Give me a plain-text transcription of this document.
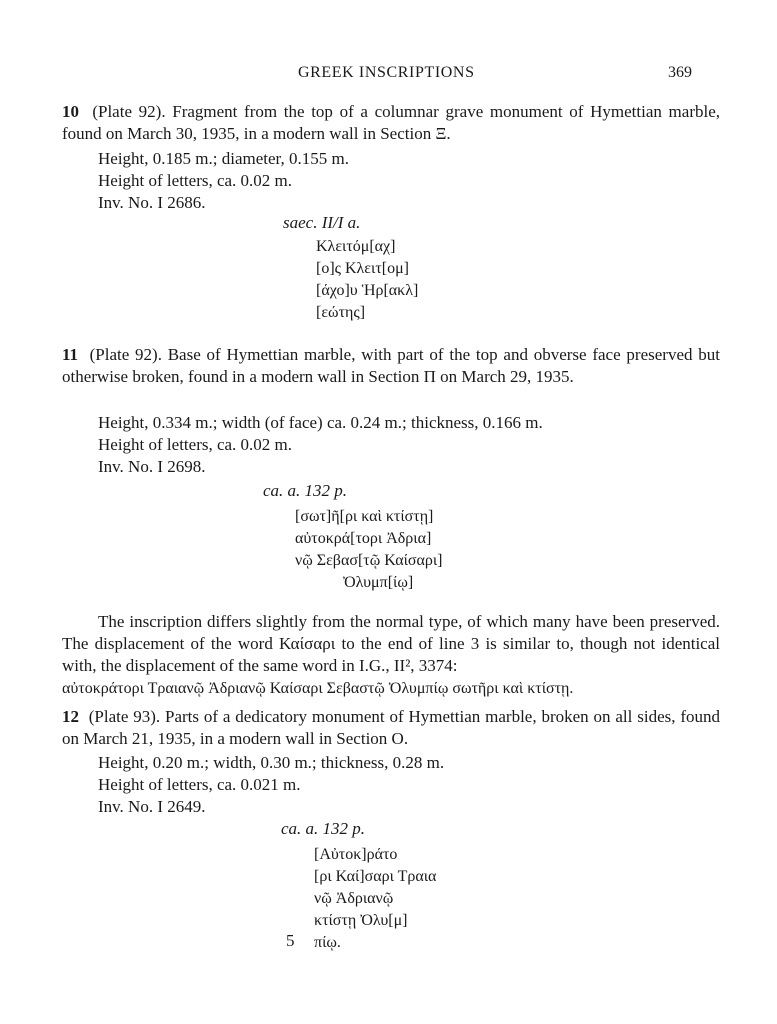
GREEK INSCRIPTIONS	369
10 (Plate 92). Fragment from the top of a columnar grave monument of Hymettian marble, found on March 30, 1935, in a modern wall in Section Ξ.
Height, 0.185 m.; diameter, 0.155 m.
Height of letters, ca. 0.02 m.
Inv. No. I 2686.
saec. II/I a.
Κλειτόμ[αχ]
[ο]ς Κλειτ[ομ]
[άχο]υ Ἡρ[ακλ]
[εώτης]
11 (Plate 92). Base of Hymettian marble, with part of the top and obverse face preserved but otherwise broken, found in a modern wall in Section Π on March 29, 1935.
Height, 0.334 m.; width (of face) ca. 0.24 m.; thickness, 0.166 m.
Height of letters, ca. 0.02 m.
Inv. No. I 2698.
ca. a. 132 p.
[σωτ]ῆ[ρι καὶ κτίστῃ]
αὐτοκρά[τορι Ἀδρια]
νῷ Σεβασ[τῷ Καίσαρι]
Ὀλυμπ[ίῳ]
The inscription differs slightly from the normal type, of which many have been preserved. The displacement of the word Καίσαρι to the end of line 3 is similar to, though not identical with, the displacement of the same word in I.G., II², 3374:
αὐτοκράτορι Τραιανῷ Ἀδριανῷ Καίσαρι Σεβαστῷ Ὀλυμπίῳ σωτῆρι καὶ κτίστῃ.
12 (Plate 93). Parts of a dedicatory monument of Hymettian marble, broken on all sides, found on March 21, 1935, in a modern wall in Section Ο.
Height, 0.20 m.; width, 0.30 m.; thickness, 0.28 m.
Height of letters, ca. 0.021 m.
Inv. No. I 2649.
ca. a. 132 p.
[Αὐτοκ]ράτο
[ρι Καί]σαρι Τραια
νῷ Ἀδριανῷ
κτίστῃ Ὀλυ[μ]
πίῳ.
5
